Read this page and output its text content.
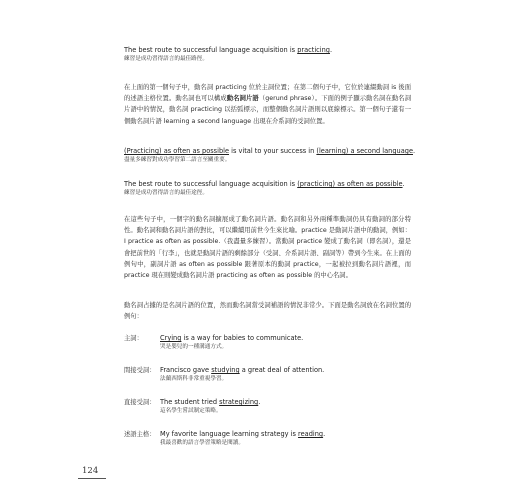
The best route to successful language acquisition is practicing.
練習是成功習得語言的最佳路徑。
在上面的第一個句子中，動名詞 practicing 位於主詞位置；在第二個句子中，它位於連綴動詞 is 後面的述語主格位置。動名詞也可以構成動名詞片語（gerund phrase）。下面的例子顯示動名詞在動名詞片語中的情況，動名詞 practicing 以括弧標示，而整個動名詞片語則以底線標示。第一個句子還有一個動名詞片語 learning a second language 出現在介系詞的受詞位置。
(Practicing) as often as possible is vital to your success in (learning) a second language.
盡量多練習對成功學習第二語言至關重要。
The best route to successful language acquisition is (practicing) as often as possible.
練習是成功習得語言的最佳途徑。
在這些句子中，一個字的動名詞擴展成了動名詞片語。動名詞和另外兩種準動詞仍具有動詞的部分特性。動名詞和動名詞片語的對比，可以繼續用前世今生來比喻。practice 是動詞片語中的動詞，例如：I practice as often as possible.（我盡量多練習）。當動詞 practice 變成了動名詞（即名詞），還是會把前世的「行李」，也就是動詞片語的剩餘部分（受詞、介系詞片語、副詞等）帶到今生來。在上面的例句中，副詞片語 as often as possible 跟著原本的動詞 practice，一起被拉到動名詞片語裡，而 practice 現在則變成動名詞片語 practicing as often as possible 的中心名詞。
動名詞占據的是名詞片語的位置，然而動名詞當受詞補語的情況非常少。下面是動名詞放在名詞位置的例句：
主詞：	Crying is a way for babies to communicate.
哭是嬰兒的一種溝通方式。
間接受詞： Francisco gave studying a great deal of attention.
法蘭西斯科非常重視學習。
直接受詞： The student tried strategizing.
這名學生嘗試制定策略。
述語主格： My favorite language learning strategy is reading.
我最喜歡的語言學習策略是閱讀。
124
